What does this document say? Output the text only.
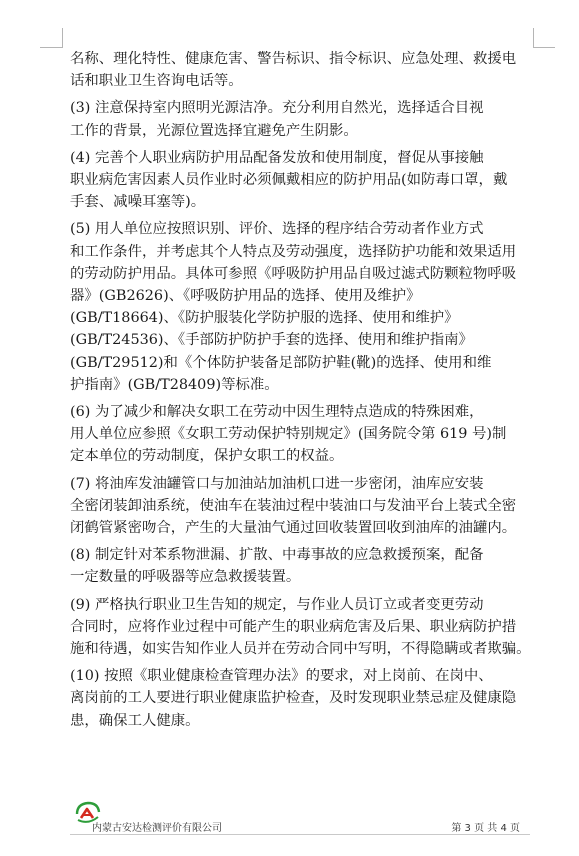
名称、理化特性、健康危害、警告标识、指令标识、应急处理、救援电
话和职业卫生咨询电话等。

(3) 注意保持室内照明光源洁净。充分利用自然光，选择适合目视
工作的背景，光源位置选择宜避免产生阴影。

(4) 完善个人职业病防护用品配备发放和使用制度，督促从事接触
职业病危害因素人员作业时必须佩戴相应的防护用品(如防毒口罩，戴
手套、减噪耳塞等)。

(5) 用人单位应按照识别、评价、选择的程序结合劳动者作业方式
和工作条件，并考虑其个人特点及劳动强度，选择防护功能和效果适用
的劳动防护用品。具体可参照《呼吸防护用品自吸过滤式防颗粒物呼吸
器》(GB2626)、《呼吸防护用品的选择、使用及维护》
(GB/T18664)、《防护服装化学防护服的选择、使用和维护》
(GB/T24536)、《手部防护防护手套的选择、使用和维护指南》
(GB/T29512)和《个体防护装备足部防护鞋(靴)的选择、使用和维
护指南》(GB/T28409)等标准。

(6) 为了减少和解决女职工在劳动中因生理特点造成的特殊困难，
用人单位应参照《女职工劳动保护特别规定》(国务院令第 619 号)制
定本单位的劳动制度，保护女职工的权益。

(7) 将油库发油罐管口与加油站加油机口进一步密闭，油库应安装
全密闭装卸油系统，使油车在装油过程中装油口与发油平台上装式全密
闭鹤管紧密吻合，产生的大量油气通过回收装置回收到油库的油罐内。

(8) 制定针对苯系物泄漏、扩散、中毒事故的应急救援预案，配备
一定数量的呼吸器等应急救援装置。

(9) 严格执行职业卫生告知的规定，与作业人员订立或者变更劳动
合同时，应将作业过程中可能产生的职业病危害及后果、职业病防护措
施和待遇，如实告知作业人员并在劳动合同中写明，不得隐瞒或者欺骗。

(10) 按照《职业健康检查管理办法》的要求，对上岗前、在岗中、
离岗前的工人要进行职业健康监护检查，及时发现职业禁忌症及健康隐
患，确保工人健康。

内蒙古安达检测评价有限公司	第 3 页 共 4 页
